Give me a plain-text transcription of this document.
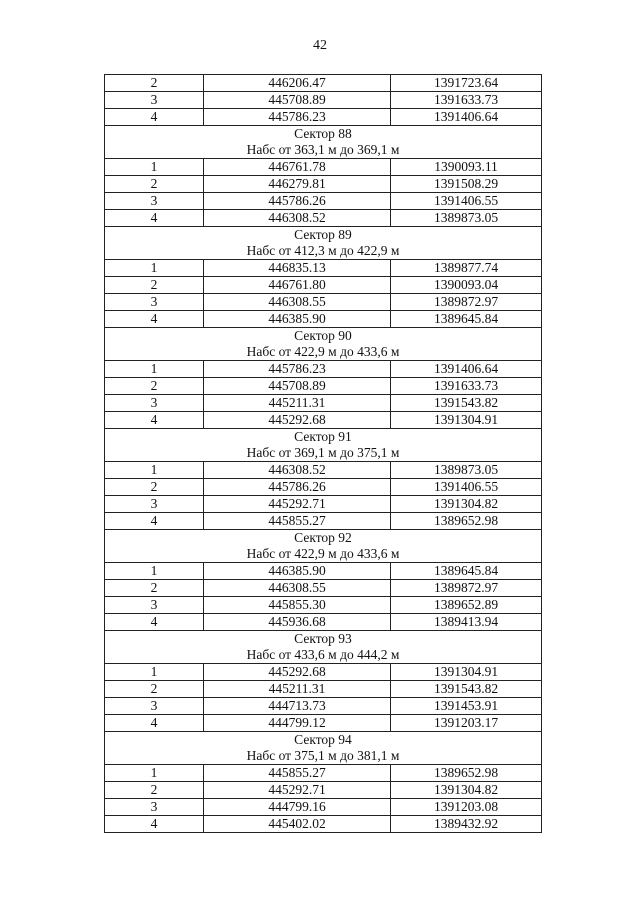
42
2	446206.47	1391723.64
3	445708.89	1391633.73
4	445786.23	1391406.64
Сектор 88		
Набс от 363,1 м до 369,1 м		
1	446761.78	1390093.11
2	446279.81	1391508.29
3	445786.26	1391406.55
4	446308.52	1389873.05
Сектор 89		
Набс от 412,3 м до 422,9 м		
1	446835.13	1389877.74
2	446761.80	1390093.04
3	446308.55	1389872.97
4	446385.90	1389645.84
Сектор 90		
Набс от 422,9 м до 433,6 м		
1	445786.23	1391406.64
2	445708.89	1391633.73
3	445211.31	1391543.82
4	445292.68	1391304.91
Сектор 91		
Набс от 369,1 м до 375,1 м		
1	446308.52	1389873.05
2	445786.26	1391406.55
3	445292.71	1391304.82
4	445855.27	1389652.98
Сектор 92		
Набс от 422,9 м до 433,6 м		
1	446385.90	1389645.84
2	446308.55	1389872.97
3	445855.30	1389652.89
4	445936.68	1389413.94
Сектор 93		
Набс от 433,6 м до 444,2 м		
1	445292.68	1391304.91
2	445211.31	1391543.82
3	444713.73	1391453.91
4	444799.12	1391203.17
Сектор 94		
Набс от 375,1 м до 381,1 м		
1	445855.27	1389652.98
2	445292.71	1391304.82
3	444799.16	1391203.08
4	445402.02	1389432.92
